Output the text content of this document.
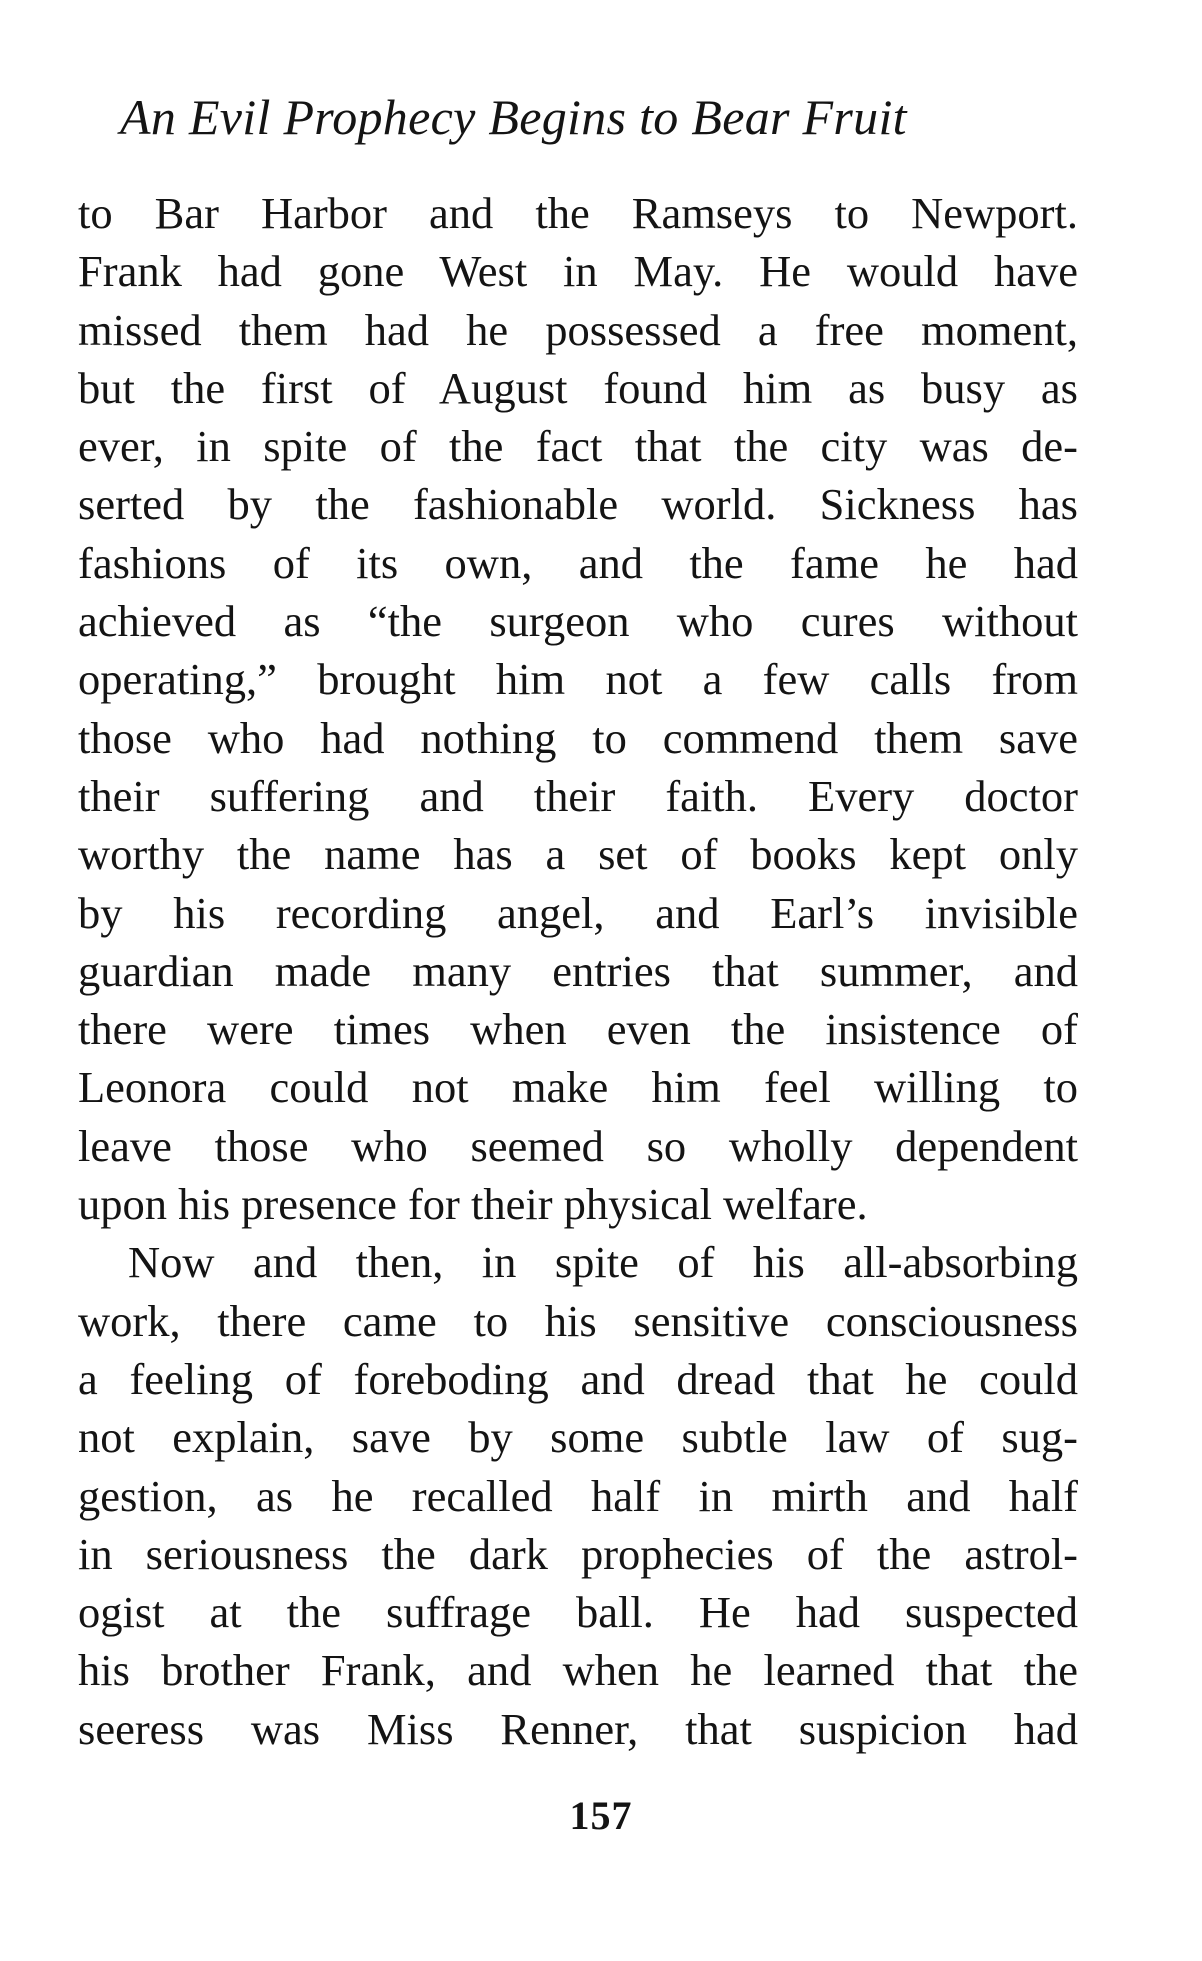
An Evil Prophecy Begins to Bear Fruit
to Bar Harbor and the Ramseys to Newport.
Frank had gone West in May. He would have
missed them had he possessed a free moment,
but the first of August found him as busy as
ever, in spite of the fact that the city was de-
serted by the fashionable world. Sickness has
fashions of its own, and the fame he had
achieved as “the surgeon who cures without
operating,” brought him not a few calls from
those who had nothing to commend them save
their suffering and their faith. Every doctor
worthy the name has a set of books kept only
by his recording angel, and Earl’s invisible
guardian made many entries that summer, and
there were times when even the insistence of
Leonora could not make him feel willing to
leave those who seemed so wholly dependent
upon his presence for their physical welfare.
Now and then, in spite of his all-absorbing
work, there came to his sensitive consciousness
a feeling of foreboding and dread that he could
not explain, save by some subtle law of sug-
gestion, as he recalled half in mirth and half
in seriousness the dark prophecies of the astrol-
ogist at the suffrage ball. He had suspected
his brother Frank, and when he learned that the
seeress was Miss Renner, that suspicion had
157
